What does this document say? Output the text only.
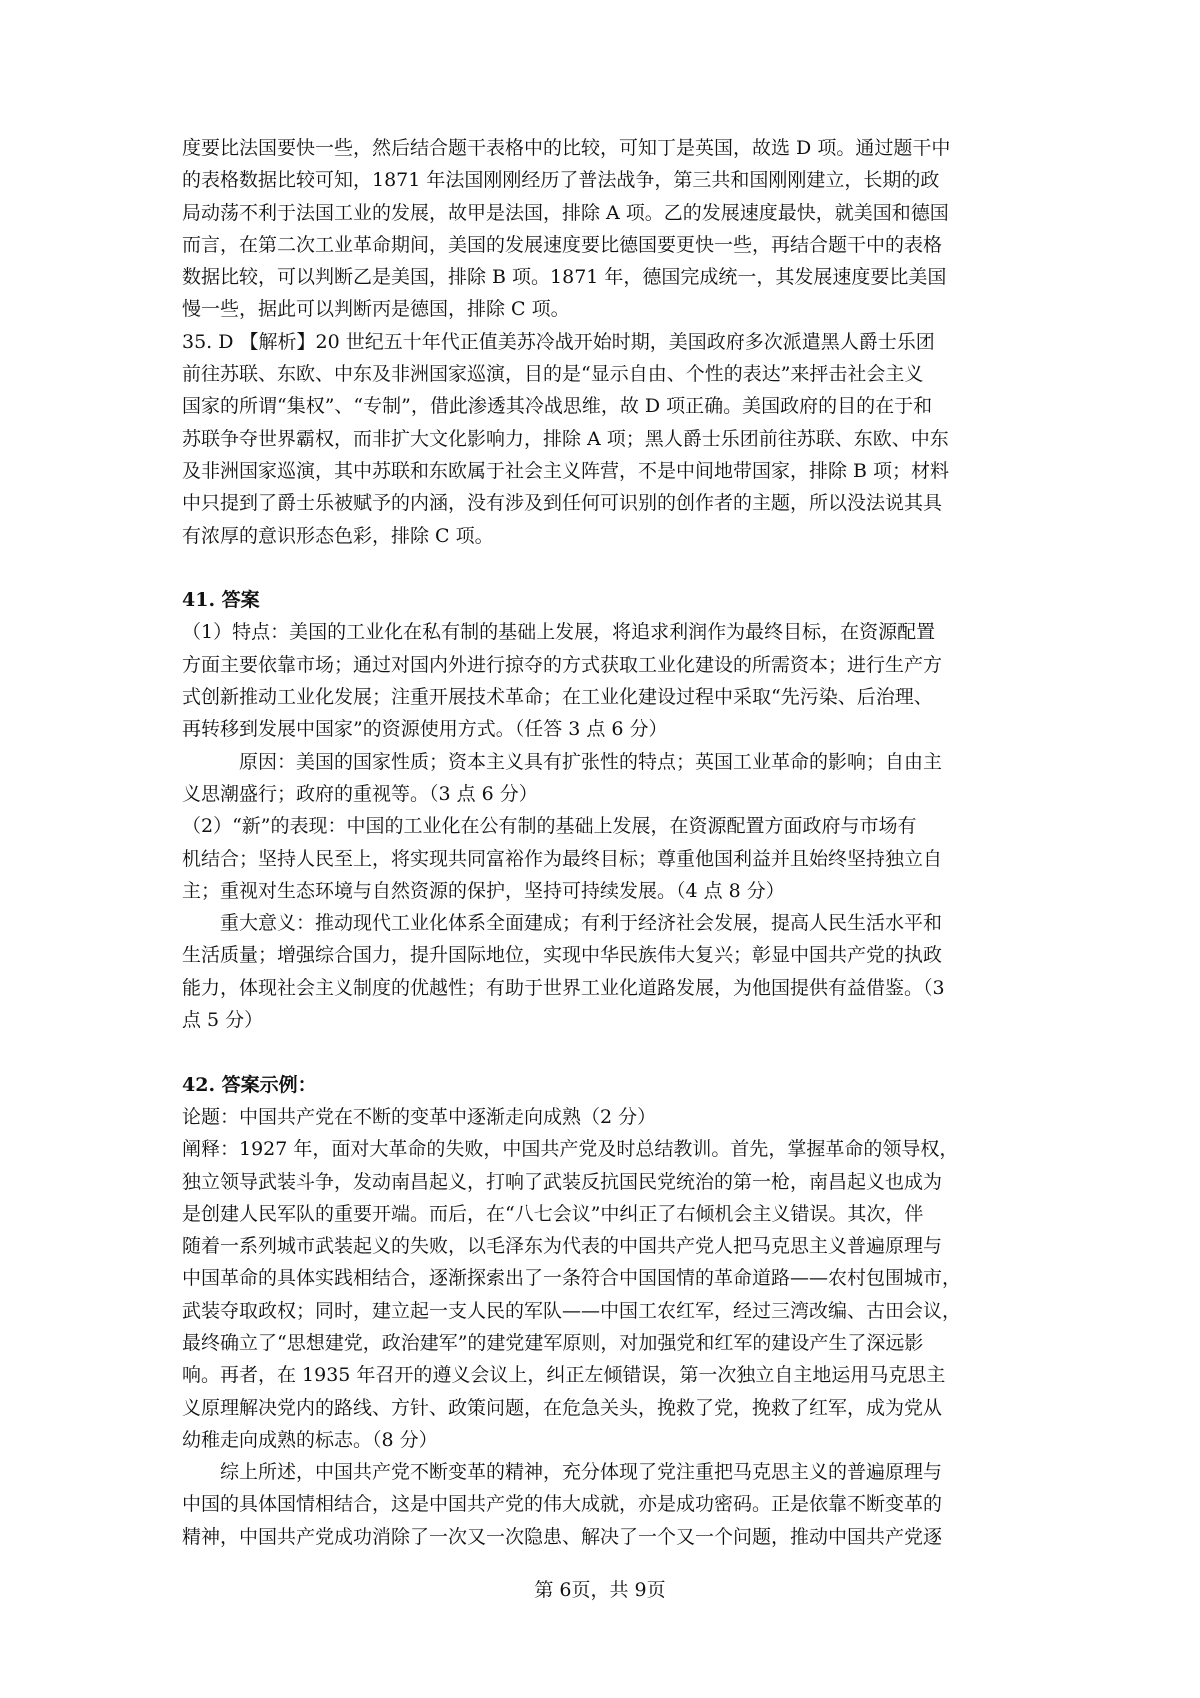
度要比法国要快一些，然后结合题干表格中的比较，可知丁是英国，故选 D 项。通过题干中
的表格数据比较可知，1871 年法国刚刚经历了普法战争，第三共和国刚刚建立，长期的政
局动荡不利于法国工业的发展，故甲是法国，排除 A 项。乙的发展速度最快，就美国和德国
而言，在第二次工业革命期间，美国的发展速度要比德国要更快一些，再结合题干中的表格
数据比较，可以判断乙是美国，排除 B 项。1871 年，德国完成统一，其发展速度要比美国
慢一些，据此可以判断丙是德国，排除 C 项。
35. D 【解析】20 世纪五十年代正值美苏冷战开始时期，美国政府多次派遣黑人爵士乐团
前往苏联、东欧、中东及非洲国家巡演，目的是“显示自由、个性的表达”来抨击社会主义
国家的所谓“集权”、“专制”，借此渗透其冷战思维，故 D 项正确。美国政府的目的在于和
苏联争夺世界霸权，而非扩大文化影响力，排除 A 项；黑人爵士乐团前往苏联、东欧、中东
及非洲国家巡演，其中苏联和东欧属于社会主义阵营，不是中间地带国家，排除 B 项；材料
中只提到了爵士乐被赋予的内涵，没有涉及到任何可识别的创作者的主题，所以没法说其具
有浓厚的意识形态色彩，排除 C 项。
41. 答案
（1）特点：美国的工业化在私有制的基础上发展，将追求利润作为最终目标，在资源配置
方面主要依靠市场；通过对国内外进行掠夺的方式获取工业化建设的所需资本；进行生产方
式创新推动工业化发展；注重开展技术革命；在工业化建设过程中采取“先污染、后治理、
再转移到发展中国家”的资源使用方式。（任答 3 点 6 分）
原因：美国的国家性质；资本主义具有扩张性的特点；英国工业革命的影响；自由主
义思潮盛行；政府的重视等。（3 点 6 分）
（2）“新”的表现：中国的工业化在公有制的基础上发展，在资源配置方面政府与市场有
机结合；坚持人民至上，将实现共同富裕作为最终目标；尊重他国利益并且始终坚持独立自
主；重视对生态环境与自然资源的保护，坚持可持续发展。（4 点 8 分）
重大意义：推动现代工业化体系全面建成；有利于经济社会发展，提高人民生活水平和
生活质量；增强综合国力，提升国际地位，实现中华民族伟大复兴；彰显中国共产党的执政
能力，体现社会主义制度的优越性；有助于世界工业化道路发展，为他国提供有益借鉴。（3
点 5 分）
42. 答案示例：
论题：中国共产党在不断的变革中逐渐走向成熟（2 分）
阐释：1927 年，面对大革命的失败，中国共产党及时总结教训。首先，掌握革命的领导权，
独立领导武装斗争，发动南昌起义，打响了武装反抗国民党统治的第一枪，南昌起义也成为
是创建人民军队的重要开端。而后，在“八七会议”中纠正了右倾机会主义错误。其次，伴
随着一系列城市武装起义的失败，以毛泽东为代表的中国共产党人把马克思主义普遍原理与
中国革命的具体实践相结合，逐渐探索出了一条符合中国国情的革命道路——农村包围城市，
武装夺取政权；同时，建立起一支人民的军队——中国工农红军，经过三湾改编、古田会议，
最终确立了“思想建党，政治建军”的建党建军原则，对加强党和红军的建设产生了深远影
响。再者，在 1935 年召开的遵义会议上，纠正左倾错误，第一次独立自主地运用马克思主
义原理解决党内的路线、方针、政策问题，在危急关头，挽救了党，挽救了红军，成为党从
幼稚走向成熟的标志。（8 分）
综上所述，中国共产党不断变革的精神，充分体现了党注重把马克思主义的普遍原理与
中国的具体国情相结合，这是中国共产党的伟大成就，亦是成功密码。正是依靠不断变革的
精神，中国共产党成功消除了一次又一次隐患、解决了一个又一个问题，推动中国共产党逐
第 6页，共 9页
